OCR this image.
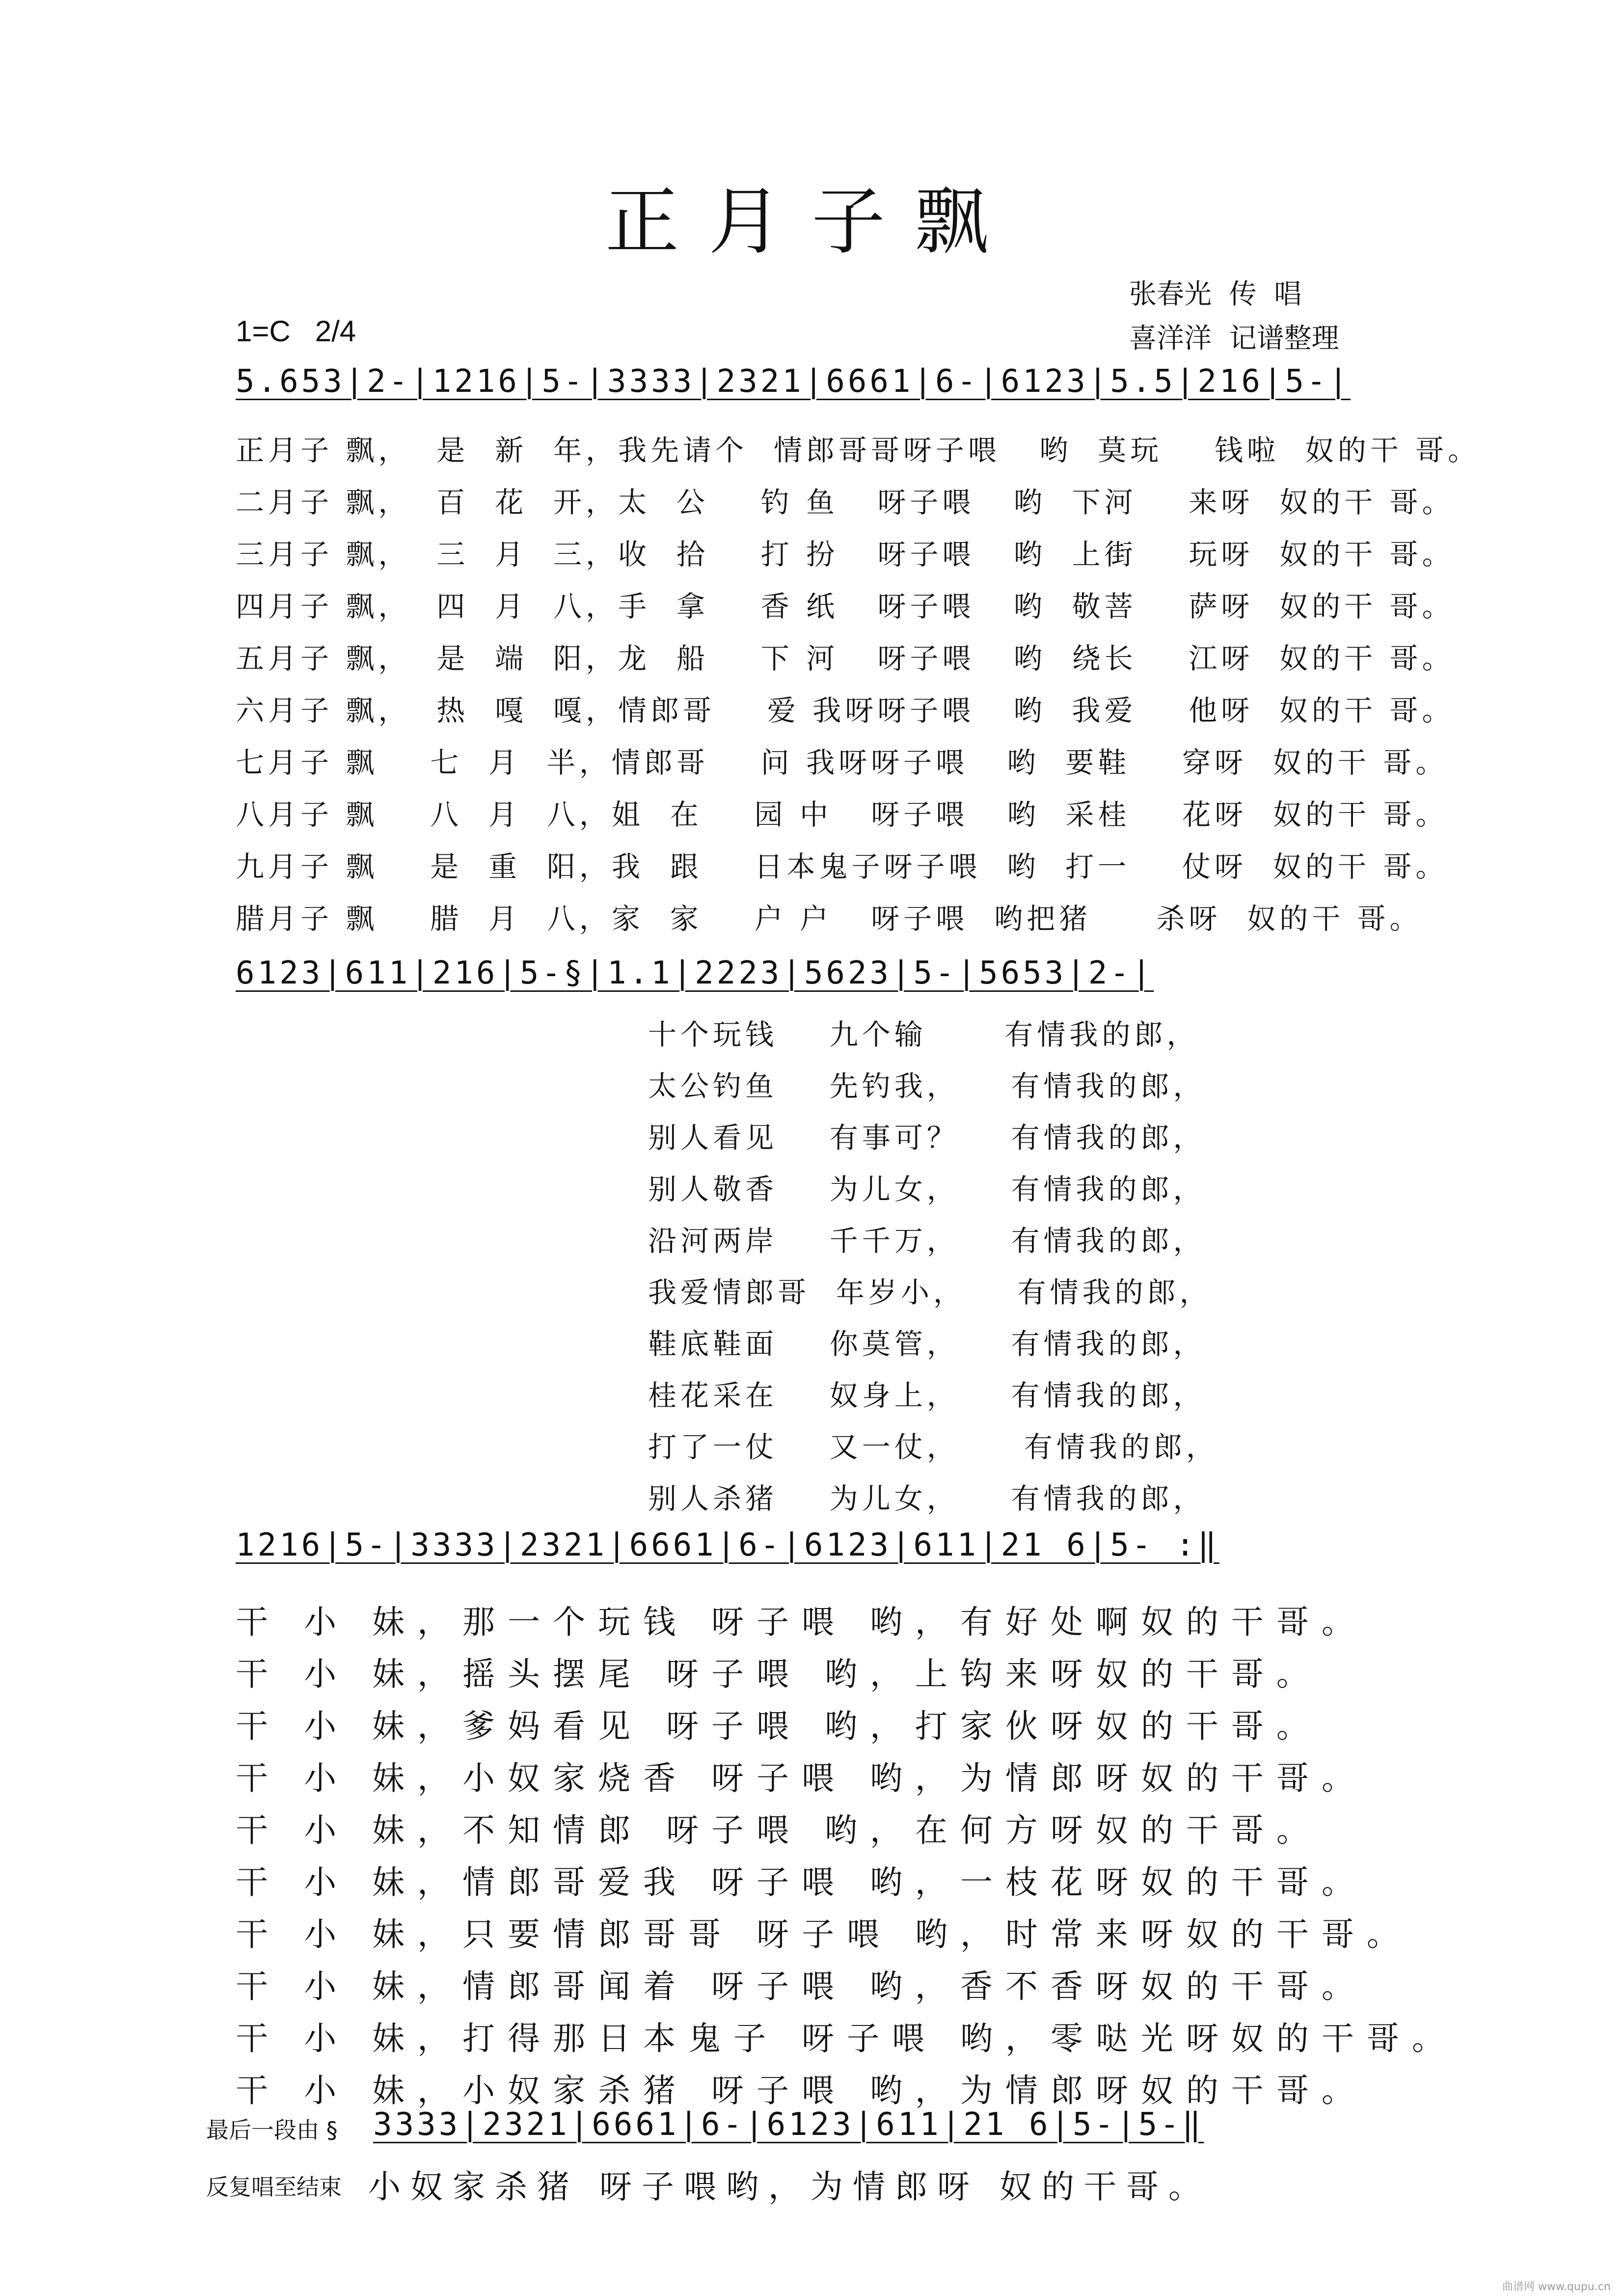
正月子飘
张春光  传  唱
喜洋洋  记谱整理
1=C   2/4
5.653|2-|1216|5-|3333|2321|6661|6-|6123|5.5|216|5-|
正月子 飘，  是  新  年，我先请个  情郎哥哥呀子喂   哟  莫玩    钱啦  奴的干 哥。
二月子 飘，  百  花  开，太  公    钓 鱼   呀子喂   哟  下河    来呀  奴的干 哥。
三月子 飘，  三  月  三，收  拾    打 扮   呀子喂   哟  上街    玩呀  奴的干 哥。
四月子 飘，  四  月  八，手  拿    香 纸   呀子喂   哟  敬菩    萨呀  奴的干 哥。
五月子 飘，  是  端  阳，龙  船    下 河   呀子喂   哟  绕长    江呀  奴的干 哥。
六月子 飘，  热  嘎  嘎，情郎哥    爱 我呀呀子喂   哟  我爱    他呀  奴的干 哥。
七月子 飘    七  月  半，情郎哥    问 我呀呀子喂   哟  要鞋    穿呀  奴的干 哥。
八月子 飘    八  月  八，姐  在    园 中   呀子喂   哟  采桂    花呀  奴的干 哥。
九月子 飘    是  重  阳，我  跟    日本鬼子呀子喂  哟  打一    仗呀  奴的干 哥。
腊月子 飘    腊  月  八，家  家    户 户   呀子喂  哟把猪     杀呀  奴的干 哥。
6123|611|216|5-§|1.1|2223|5623|5-|5653|2-|
十个玩钱    九个输      有情我的郎，
太公钓鱼    先钓我，    有情我的郎，
别人看见    有事可？    有情我的郎，
别人敬香    为儿女，    有情我的郎，
沿河两岸    千千万，    有情我的郎，
我爱情郎哥  年岁小，    有情我的郎，
鞋底鞋面    你莫管，    有情我的郎，
桂花采在    奴身上，    有情我的郎，
打了一仗    又一仗，     有情我的郎，
别人杀猪    为儿女，    有情我的郎，
1216|5-|3333|2321|6661|6-|6123|611|21 6|5- :‖
干 小 妹，那一个玩钱 呀子喂 哟，有好处啊奴的干哥。
干 小 妹，摇头摆尾 呀子喂 哟，上钩来呀奴的干哥。
干 小 妹，爹妈看见 呀子喂 哟，打家伙呀奴的干哥。
干 小 妹，小奴家烧香 呀子喂 哟，为情郎呀奴的干哥。
干 小 妹，不知情郎 呀子喂 哟，在何方呀奴的干哥。
干 小 妹，情郎哥爱我 呀子喂 哟，一枝花呀奴的干哥。
干 小 妹，只要情郎哥哥 呀子喂 哟，时常来呀奴的干哥。
干 小 妹，情郎哥闻着 呀子喂 哟，香不香呀奴的干哥。
干 小 妹，打得那日本鬼子 呀子喂 哟，零哒光呀奴的干哥。
干 小 妹，小奴家杀猪 呀子喂 哟，为情郎呀奴的干哥。
最后一段由 § 3333|2321|6661|6-|6123|611|21 6|5-|5-‖
反复唱至结束 小奴家杀猪 呀子喂哟，为情郎呀 奴的干哥。
曲谱网 www.qupu.cn
